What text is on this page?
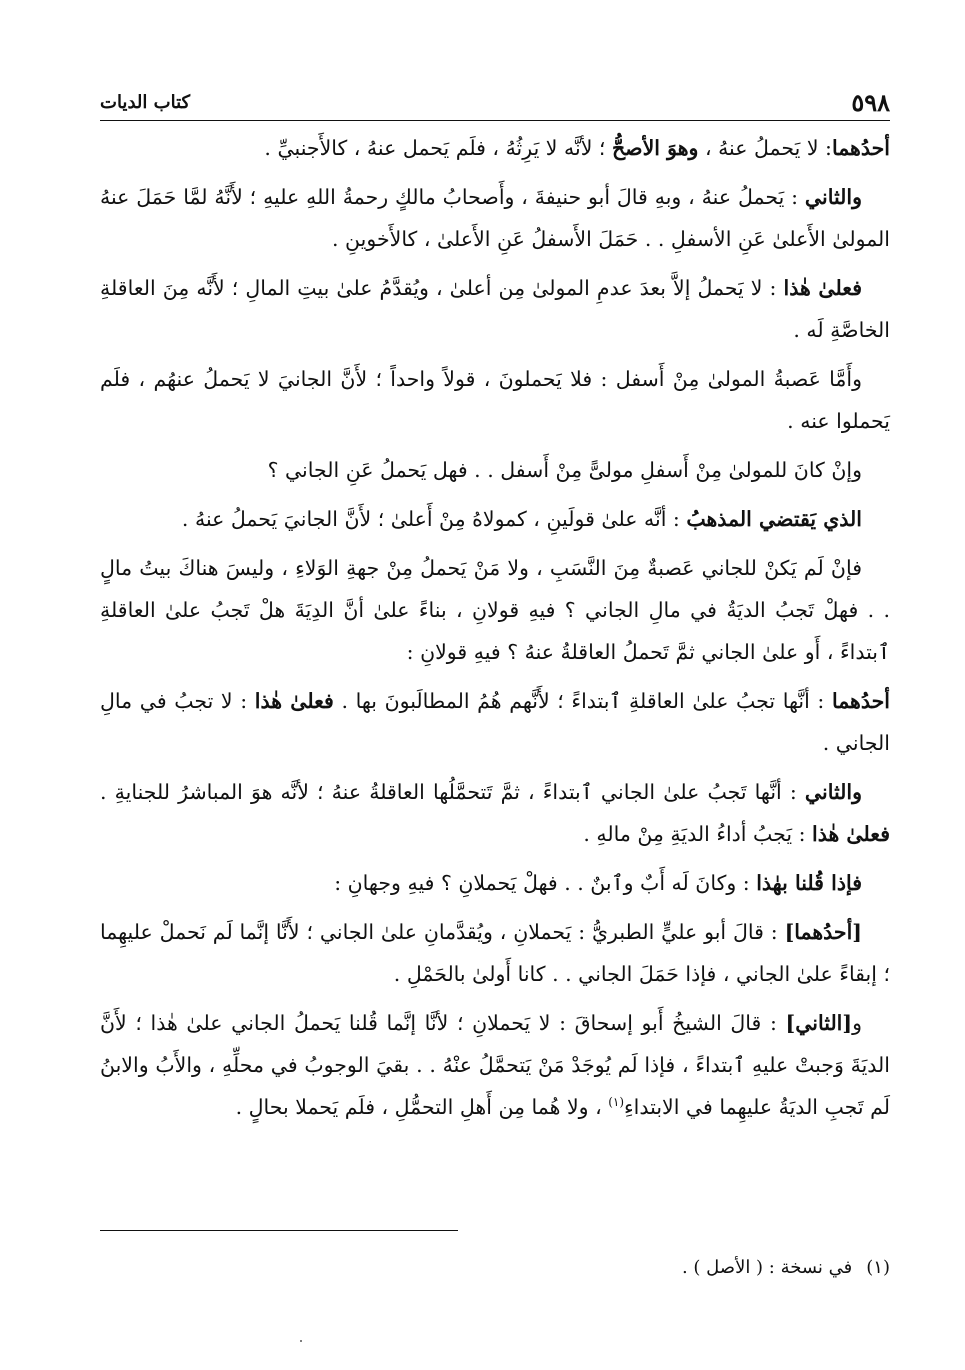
٥٩٨
كتاب الديات

أحدُهما: لا يَحملُ عنهُ ، وهوَ الأصحُّ ؛ لأنَّه لا يَرِثُهُ ، فلَم يَحمل عنهُ ، كالأَجنبيِّ .

والثاني : يَحملُ عنهُ ، وبهِ قالَ أبو حنيفةَ ، وأَصحابُ مالكٍ رحمةُ اللهِ عليهِ ؛ لأَنَّهُ لمَّا حَمَلَ عنهُ المولىٰ الأَعلىٰ عَنِ الأسفلِ . . حَمَلَ الأَسفلُ عَنِ الأَعلىٰ ، كالأَخوينِ .

فعلىٰ هٰذا : لا يَحملُ إلاَّ بعدَ عدمِ المولىٰ مِن أعلىٰ ، ويُقدَّمُ علىٰ بيتِ المالِ ؛ لأَنَّه مِنَ العاقلةِ الخاصَّةِ لَه .

وأَمَّا عَصبةُ المولىٰ مِنْ أَسفل : فلا يَحملونَ ، قولاً واحداً ؛ لأَنَّ الجانيَ لا يَحملُ عنهُم ، فلَم يَحملوا عنه .

وإنْ كانَ للمولىٰ مِنْ أَسفلِ مولىًّ مِنْ أَسفل . . فهل يَحملُ عَنِ الجاني ؟

الذي يَقتضي المذهبُ : أنَّه علىٰ قولَينِ ، كمولاهُ مِنْ أَعلىٰ ؛ لأَنَّ الجانيَ يَحملُ عنهُ .

فإنْ لَم يَكنْ للجاني عَصبةٌ مِنَ النَّسَبِ ، ولا مَنْ يَحملُ مِنْ جهةِ الوَلاءِ ، وليسَ هناكَ بيتُ مالٍ . . فهلْ تَجبُ الديَةُ في مالِ الجاني ؟ فيهِ قولانِ ، بناءً علىٰ أنَّ الدِيَةَ هلْ تَجبُ علىٰ العاقلةِ ٱبتداءً ، أَو علىٰ الجاني ثمَّ تَحملُ العاقلةُ عنهُ ؟ فيهِ قولانِ :

أحدُهما : أنَّها تجبُ علىٰ العاقلةِ ٱبتداءً ؛ لأَنَّهم هُمُ المطالَبونَ بها . فعلىٰ هٰذا : لا تجبُ في مالِ الجاني .

والثاني : أنَّها تَجبُ علىٰ الجاني ٱبتداءً ، ثمَّ تَتحمَّلُها العاقلةُ عنهُ ؛ لأنَّه هوَ المباشرُ للجنايةِ . فعلىٰ هٰذا : يَجبُ أداءُ الديَةِ مِنْ مالهِ .

فإذا قُلنا بهٰذا : وكانَ لَه أَبٌ وٱبنٌ . . فهلْ يَحملانِ ؟ فيهِ وجهانِ :

[أحدُهما] : قالَ أبو عليٍّ الطبريُّ : يَحملانِ ، ويُقدَّمانِ علىٰ الجاني ؛ لأَنَّا إنَّما لَم نَحملْ عليهِما ؛ إبقاءً علىٰ الجاني ، فإذا حَمَلَ الجاني . . كانا أَولىٰ بالحَمْلِ .

و[الثاني] : قالَ الشيخُ أَبو إسحاقَ : لا يَحملانِ ؛ لأنَّا إنَّما قُلنا يَحملُ الجاني علىٰ هٰذا ؛ لأَنَّ الديَةَ وَجبتْ عليهِ ٱبتداءً ، فإذا لَم يُوجَدْ مَنْ يَتحمَّلُ عنْهُ . . بقيَ الوجوبُ في محلِّهِ ، والأَبُ والابنُ لَم تَجبِ الديَةُ عليهِما في الابتداءِ$^{(١)}$ ، ولا هُما مِن أَهلِ التحمُّلِ ، فلَم يَحملا بحالٍ .

(١)في نسخة : ( الأصل ) .
